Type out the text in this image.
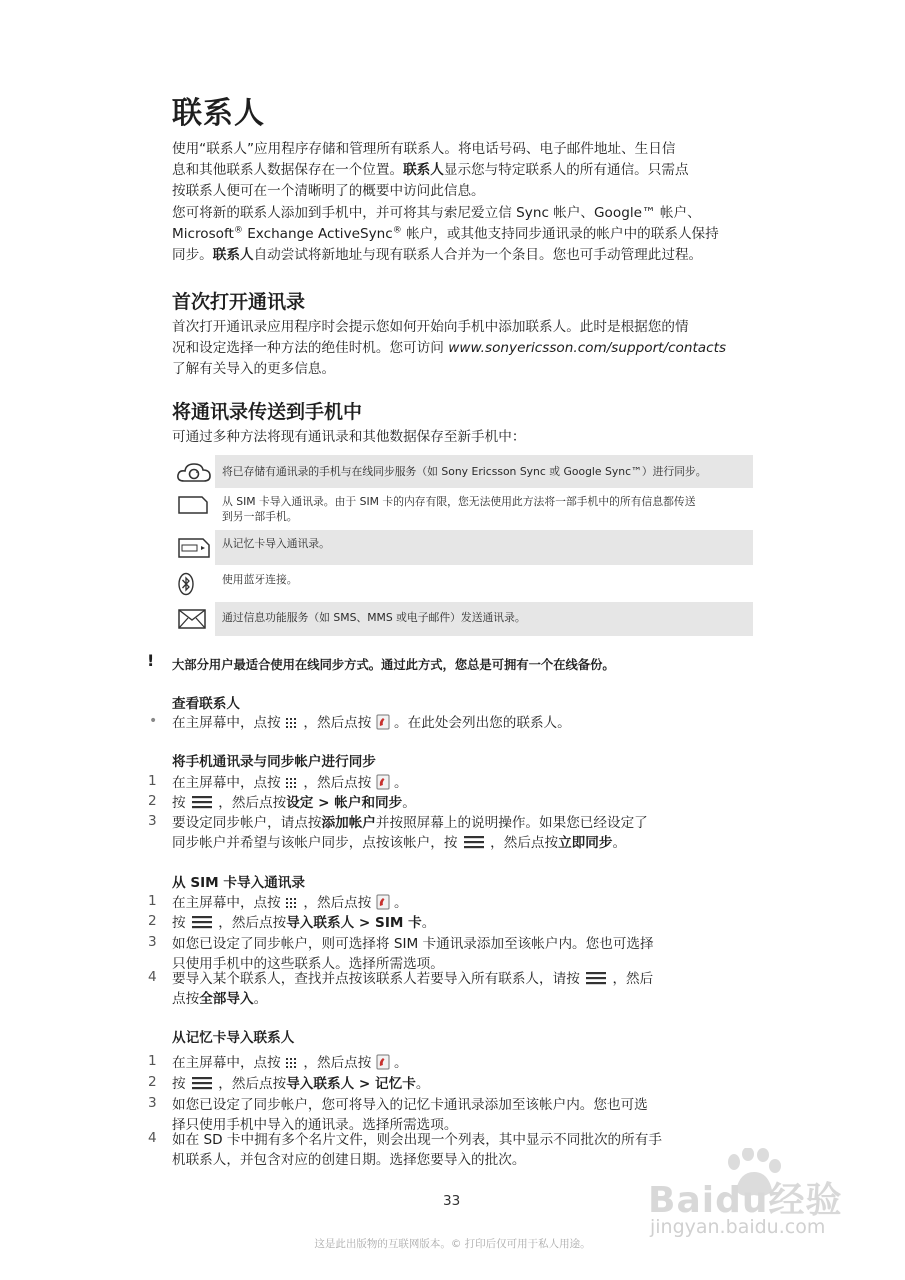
联系人
使用“联系人”应用程序存储和管理所有联系人。将电话号码、电子邮件地址、生日信
息和其他联系人数据保存在一个位置。联系人显示您与特定联系人的所有通信。只需点
按联系人便可在一个清晰明了的概要中访问此信息。
您可将新的联系人添加到手机中，并可将其与索尼爱立信 Sync 帐户、Google™ 帐户、
Microsoft® Exchange ActiveSync® 帐户，或其他支持同步通讯录的帐户中的联系人保持
同步。联系人自动尝试将新地址与现有联系人合并为一个条目。您也可手动管理此过程。
首次打开通讯录
首次打开通讯录应用程序时会提示您如何开始向手机中添加联系人。此时是根据您的情
况和设定选择一种方法的绝佳时机。您可访问 www.sonyericsson.com/support/contacts
了解有关导入的更多信息。
将通讯录传送到手机中
可通过多种方法将现有通讯录和其他数据保存至新手机中：
将已存储有通讯录的手机与在线同步服务（如 Sony Ericsson Sync 或 Google Sync™）进行同步。
从 SIM 卡导入通讯录。由于 SIM 卡的内存有限，您无法使用此方法将一部手机中的所有信息都传送
到另一部手机。
从记忆卡导入通讯录。
使用蓝牙连接。
通过信息功能服务（如 SMS、MMS 或电子邮件）发送通讯录。
! 大部分用户最适合使用在线同步方式。通过此方式，您总是可拥有一个在线备份。
查看联系人
• 在主屏幕中，点按 ，然后点按 。在此处会列出您的联系人。
将手机通讯录与同步帐户进行同步
1 在主屏幕中，点按 ，然后点按 。
2 按 ，然后点按设定 > 帐户和同步。
3 要设定同步帐户，请点按添加帐户并按照屏幕上的说明操作。如果您已经设定了
同步帐户并希望与该帐户同步，点按该帐户，按 ，然后点按立即同步。
从 SIM 卡导入通讯录
1 在主屏幕中，点按 ，然后点按 。
2 按 ，然后点按导入联系人 > SIM 卡。
3 如您已设定了同步帐户，则可选择将 SIM 卡通讯录添加至该帐户内。您也可选择
只使用手机中的这些联系人。选择所需选项。
4 要导入某个联系人，查找并点按该联系人若要导入所有联系人，请按 ，然后
点按全部导入。
从记忆卡导入联系人
1 在主屏幕中，点按 ，然后点按 。
2 按 ，然后点按导入联系人 > 记忆卡。
3 如您已设定了同步帐户，您可将导入的记忆卡通讯录添加至该帐户内。您也可选
择只使用手机中导入的通讯录。选择所需选项。
4 如在 SD 卡中拥有多个名片文件，则会出现一个列表，其中显示不同批次的所有手
机联系人，并包含对应的创建日期。选择您要导入的批次。
33
这是此出版物的互联网版本。© 打印后仅可用于私人用途。
Baidu经验
jingyan.baidu.com
